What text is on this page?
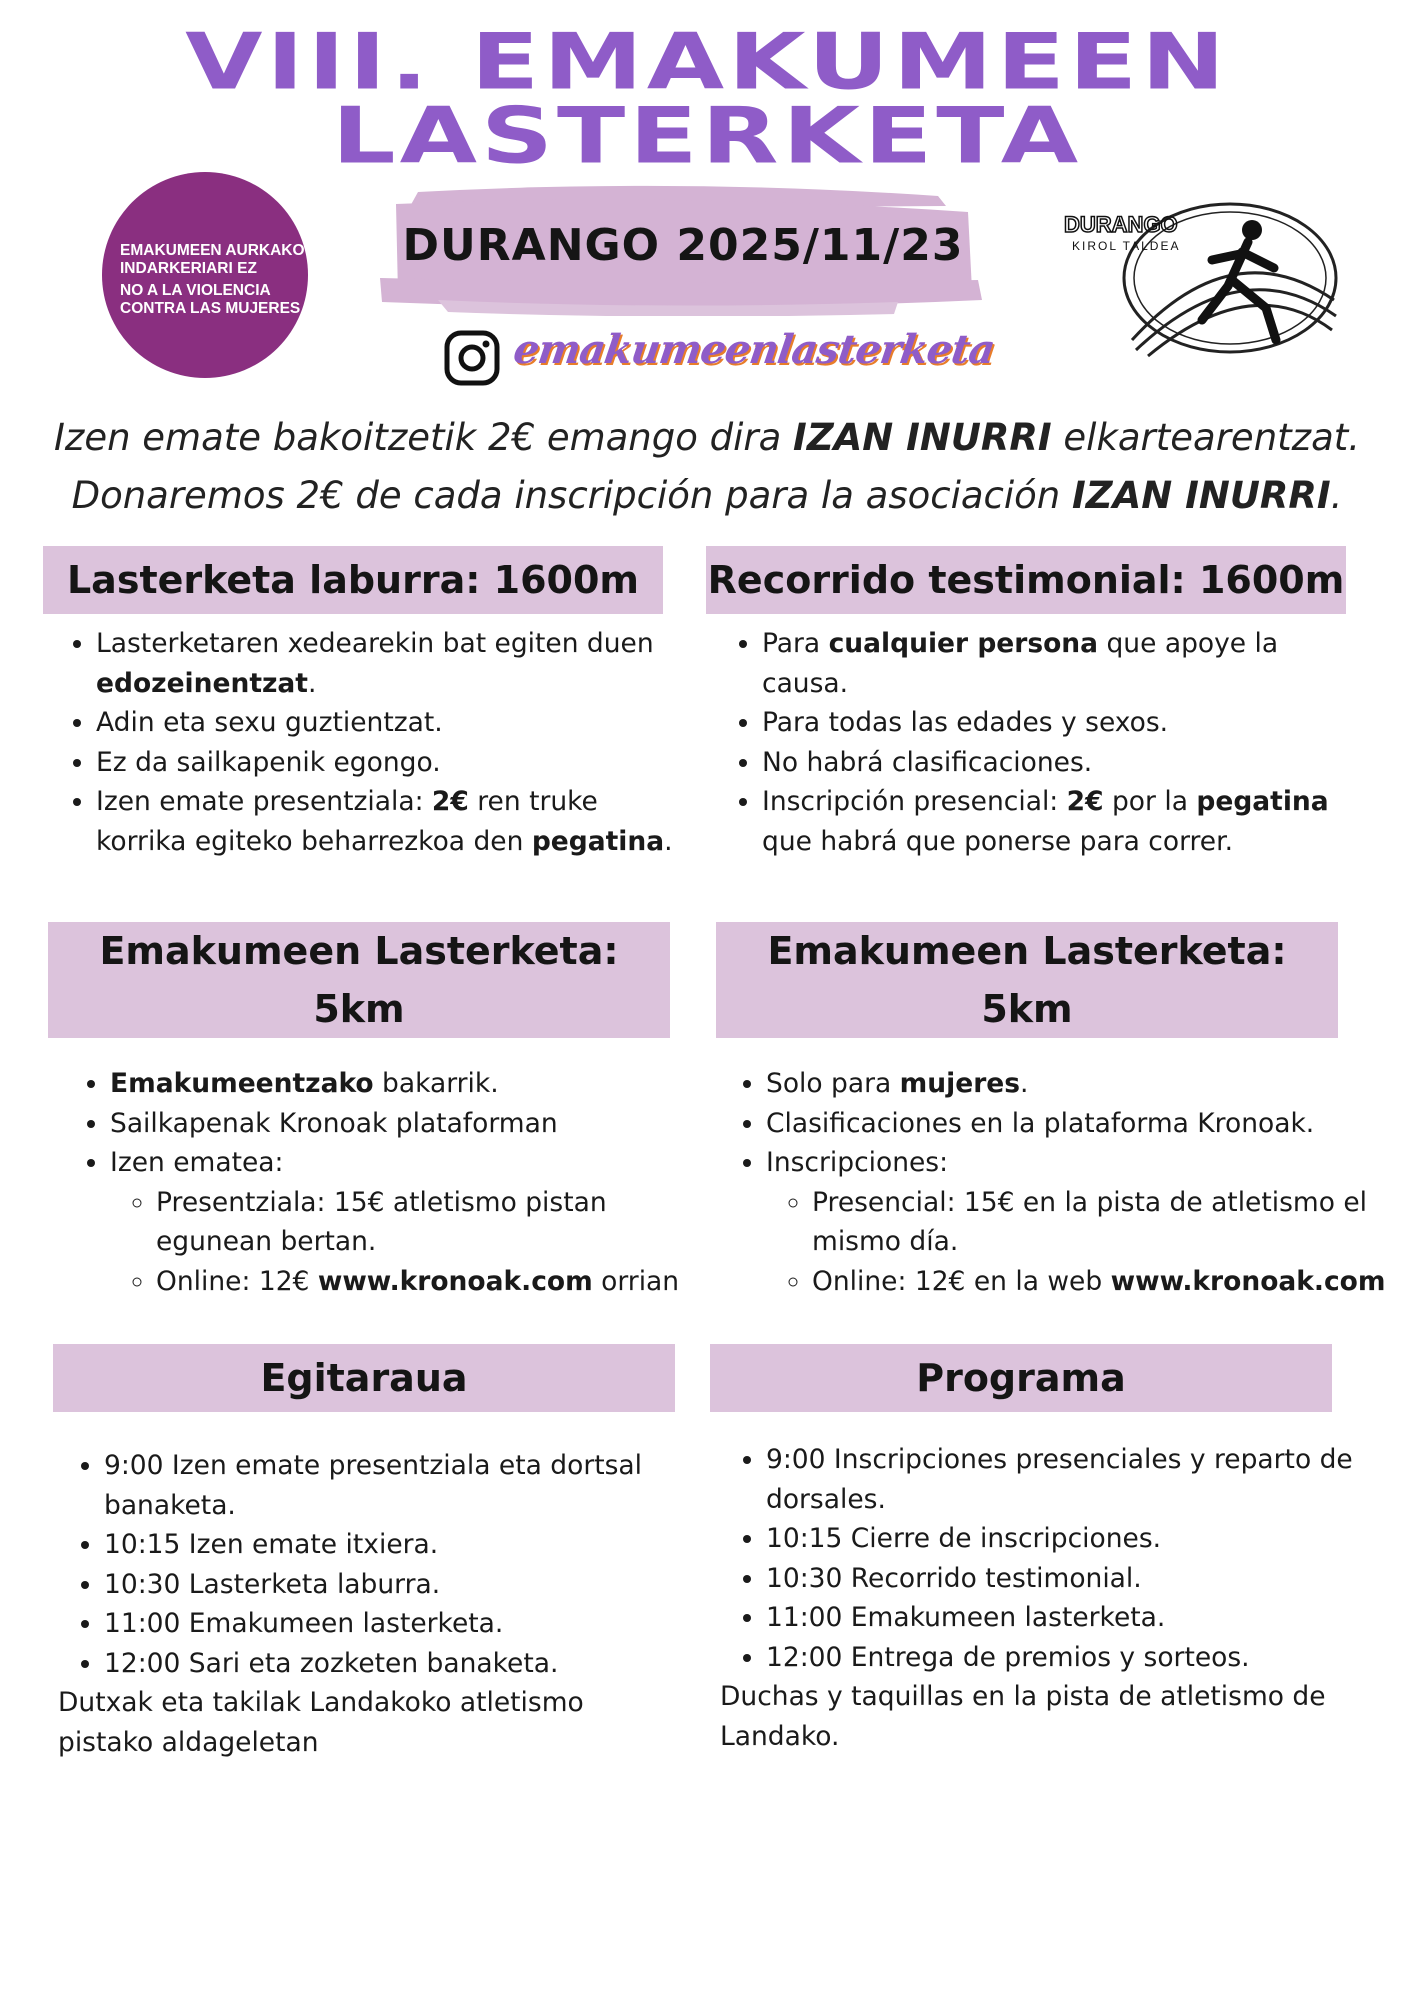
VIII. EMAKUMEEN
LASTERKETA
EMAKUMEEN AURKAKO INDARKERIARI EZ
NO A LA VIOLENCIA CONTRA LAS MUJERES
DURANGO 2025/11/23
emakumeenlasterketa
DURANGO
KIROL TALDEA
Izen emate bakoitzetik 2€ emango dira IZAN INURRI elkartearentzat.
Donaremos 2€ de cada inscripción para la asociación IZAN INURRI.
Lasterketa laburra: 1600m	Recorrido testimonial: 1600m
• Lasterketaren xedearekin bat egiten duen edozeinentzat.
• Adin eta sexu guztientzat.
• Ez da sailkapenik egongo.
• Izen emate presentziala: 2€ ren truke korrika egiteko beharrezkoa den pegatina.
• Para cualquier persona que apoye la causa.
• Para todas las edades y sexos.
• No habrá clasificaciones.
• Inscripción presencial: 2€ por la pegatina que habrá que ponerse para correr.
Emakumeen Lasterketa:
5km
Emakumeen Lasterketa:
5km
• Emakumeentzako bakarrik.
• Sailkapenak Kronoak plataforman
• Izen ematea:
◦ Presentziala: 15€ atletismo pistan egunean bertan.
◦ Online: 12€ www.kronoak.com orrian
• Solo para mujeres.
• Clasificaciones en la plataforma Kronoak.
• Inscripciones:
◦ Presencial: 15€ en la pista de atletismo el mismo día.
◦ Online: 12€ en la web www.kronoak.com
Egitaraua	Programa
• 9:00 Izen emate presentziala eta dortsal banaketa.
• 10:15 Izen emate itxiera.
• 10:30 Lasterketa laburra.
• 11:00 Emakumeen lasterketa.
• 12:00 Sari eta zozketen banaketa.

Dutxak eta takilak Landakoko atletismo pistako aldageletan

• 9:00 Inscripciones presenciales y reparto de dorsales.
• 10:15 Cierre de inscripciones.
• 10:30 Recorrido testimonial.
• 11:00 Emakumeen lasterketa.
• 12:00 Entrega de premios y sorteos.

Duchas y taquillas en la pista de atletismo de Landako.
